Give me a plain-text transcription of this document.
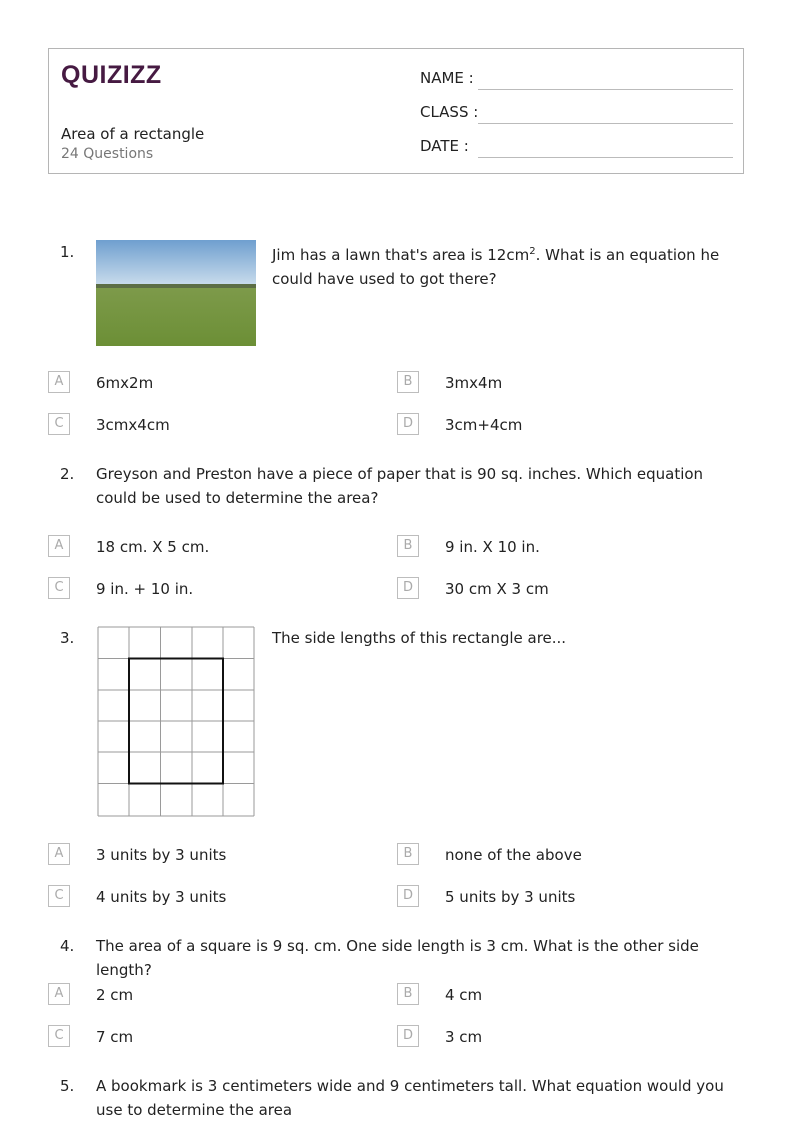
QUIZIZZ
Area of a rectangle
24 Questions
NAME :
CLASS :
DATE :
1.	Jim has a lawn that's area is $12cm^2$. What is an equation he could have used to got there?
A	6mx2m	B	3mx4m
C	3cmx4cm	D	3cm+4cm
2. Greyson and Preston have a piece of paper that is 90 sq. inches. Which equation could be used to determine the area?
A	18 cm. X 5 cm.	B	9 in. X 10 in.
C	9 in. + 10 in.	D	30 cm X 3 cm
3.	The side lengths of this rectangle are...
A	3 units by 3 units	B	none of the above
C	4 units by 3 units	D	5 units by 3 units
4. The area of a square is 9 sq. cm. One side length is 3 cm. What is the other side length?
A	2 cm	B	4 cm
C	7 cm	D	3 cm
5. A bookmark is 3 centimeters wide and 9 centimeters tall. What equation would you use to determine the area
